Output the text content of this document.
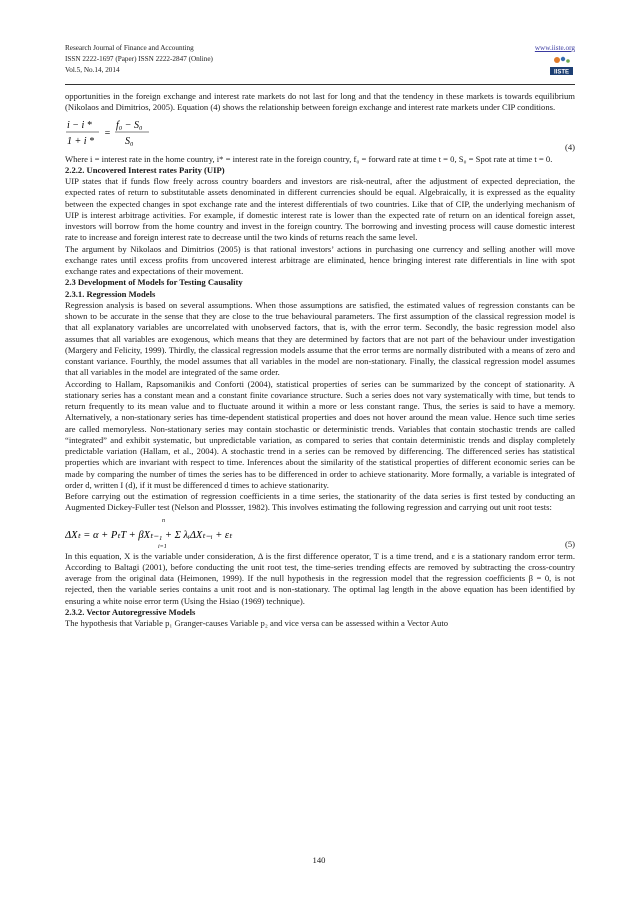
Research Journal of Finance and Accounting
ISSN 2222-1697 (Paper) ISSN 2222-2847 (Online)
Vol.5, No.14, 2014
www.iiste.org
IISTE

opportunities in the foreign exchange and interest rate markets do not last for long and that the tendency in these markets is towards equilibrium (Nikolaos and Dimitrios, 2005). Equation (4) shows the relationship between foreign exchange and interest rate markets under CIP conditions.

i − i *
1 + i *
=
f₀ − S₀
S₀
(4)

Where i = interest rate in the home country, i* = interest rate in the foreign country, f₀ = forward rate at time t = 0, S₀ = Spot rate at time t = 0.

2.2.2. Uncovered Interest rates Parity (UIP)

UIP states that if funds flow freely across country boarders and investors are risk-neutral, after the adjustment of expected depreciation, the expected rates of return to substitutable assets denominated in different currencies should be equal. Algebraically, it is expressed as the equality between the expected changes in spot exchange rate and the interest differentials of two countries. Like that of CIP, the underlying mechanism of UIP is interest arbitrage activities. For example, if domestic interest rate is lower than the expected rate of return on an identical foreign asset, investors will borrow from the home country and invest in the foreign country. The borrowing and investing process will cause domestic interest rate to increase and foreign interest rate to decrease until the two kinds of returns reach the same level.

The argument by Nikolaos and Dimitrios (2005) is that rational investors’ actions in purchasing one currency and selling another will move exchange rates until excess profits from uncovered interest arbitrage are eliminated, hence bringing interest rate differentials in line with spot exchange rates and expectations of their movement.

2.3 Development of Models for Testing Causality

2.3.1. Regression Models

Regression analysis is based on several assumptions. When those assumptions are satisfied, the estimated values of regression constants can be shown to be accurate in the sense that they are close to the true behavioural parameters. The first assumption of the classical regression model is that all explanatory variables are uncorrelated with unobserved factors, that is, with the error term. Secondly, the basic regression model also assumes that all variables are exogenous, which means that they are determined by factors that are not part of the behaviour under investigation (Margery and Felicity, 1999). Thirdly, the classical regression models assume that the error terms are normally distributed with a means of zero and constant variance. Fourthly, the model assumes that all variables in the model are non-stationary. Finally, the classical regression model assumes that all variables in the model are integrated of the same order.

According to Hallam, Rapsomanikis and Conforti (2004), statistical properties of series can be summarized by the concept of stationarity. A stationary series has a constant mean and a constant finite covariance structure. Such a series does not vary systematically with time, but tends to return frequently to its mean value and to fluctuate around it within a more or less constant range. Thus, the series is said to have a memory. Alternatively, a non-stationary series has time-dependent statistical properties and does not hover around the mean value. Hence such time series are called memoryless. Non-stationary series may contain stochastic or deterministic trends. Variables that contain stochastic trends are called “integrated” and exhibit systematic, but unpredictable variation, as compared to series that contain deterministic trends and display completely predictable variation (Hallam, et al., 2004). A stochastic trend in a series can be removed by differencing. The differenced series has statistical properties which are invariant with respect to time. Inferences about the similarity of the statistical properties of different economic series can be made by comparing the number of times the series has to be differenced in order to achieve stationarity. More formally, a variable is integrated of order d, written I (d), if it must be differenced d times to achieve stationarity.

Before carrying out the estimation of regression coefficients in a time series, the stationarity of the data series is first tested by conducting an Augmented Dickey-Fuller test (Nelson and Plossser, 1982). This involves estimating the following regression and carrying out unit root tests:

n
i=1
ΔXₜ = α + PₜT + βXₜ₋₁ + Σ λᵢΔXₜ₋ᵢ + εₜ
(5)

In this equation, X is the variable under consideration, Δ is the first difference operator, T is a time trend, and ε is a stationary random error term. According to Baltagi (2001), before conducting the unit root test, the time-series trending effects are removed by subtracting the cross-country average from the original data (Heimonen, 1999). If the null hypothesis in the regression model that the regression coefficients β = 0, is not rejected, then the variable series contains a unit root and is non-stationary. The optimal lag length in the above equation has been identified by ensuring a white noise error term (Using the Hsiao (1969) technique).

2.3.2. Vector Autoregressive Models

The hypothesis that Variable p₁ Granger-causes Variable p₂ and vice versa can be assessed within a Vector Auto

140
